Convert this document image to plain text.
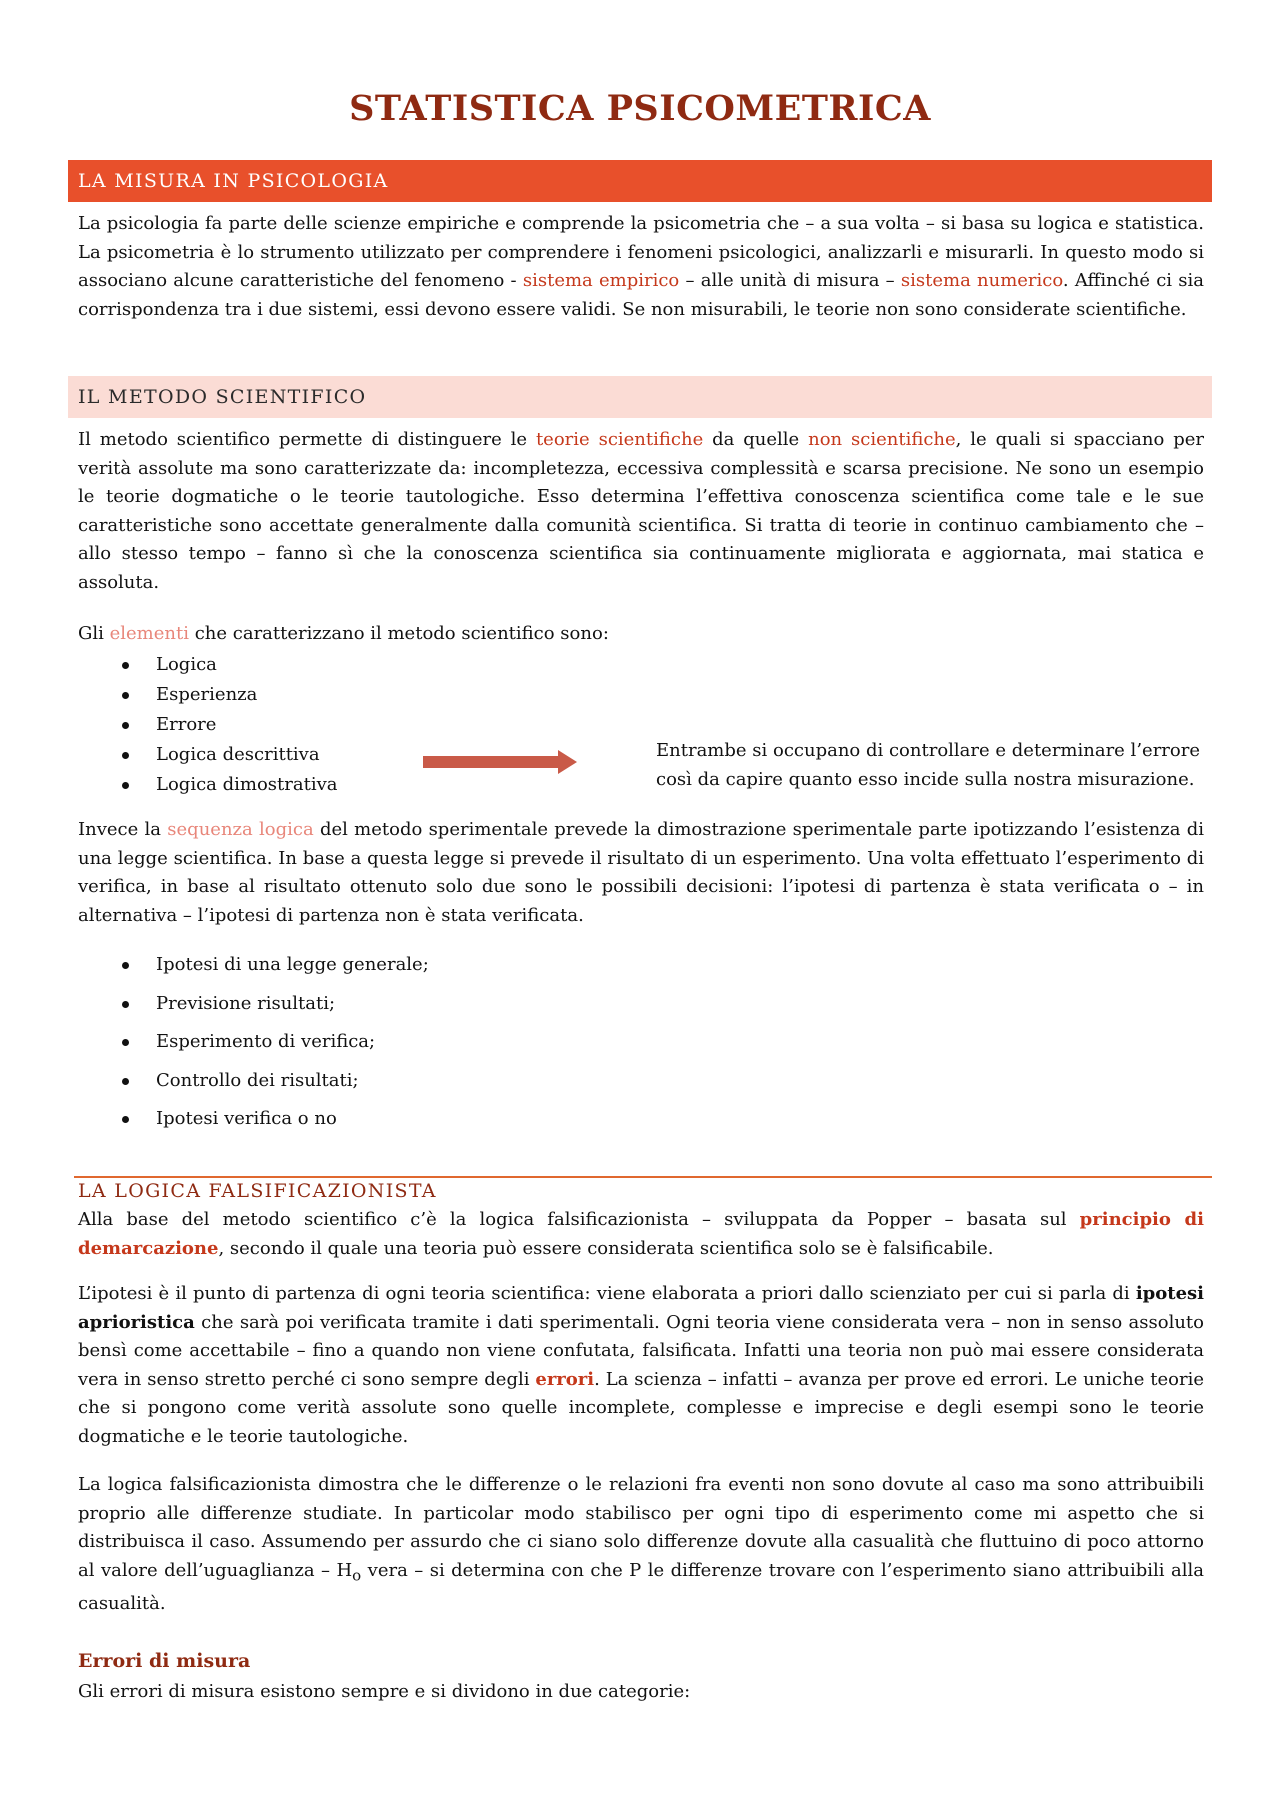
STATISTICA PSICOMETRICA
LA MISURA IN PSICOLOGIA

La psicologia fa parte delle scienze empiriche e comprende la psicometria che – a sua volta – si basa su logica e statistica. La psicometria è lo strumento utilizzato per comprendere i fenomeni psicologici, analizzarli e misurarli. In questo modo si associano alcune caratteristiche del fenomeno - sistema empirico – alle unità di misura – sistema numerico. Affinché ci sia corrispondenza tra i due sistemi, essi devono essere validi. Se non misurabili, le teorie non sono considerate scientifiche.

IL METODO SCIENTIFICO

Il metodo scientifico permette di distinguere le teorie scientifiche da quelle non scientifiche, le quali si spacciano per verità assolute ma sono caratterizzate da: incompletezza, eccessiva complessità e scarsa precisione. Ne sono un esempio le teorie dogmatiche o le teorie tautologiche. Esso determina l’effettiva conoscenza scientifica come tale e le sue caratteristiche sono accettate generalmente dalla comunità scientifica. Si tratta di teorie in continuo cambiamento che – allo stesso tempo – fanno sì che la conoscenza scientifica sia continuamente migliorata e aggiornata, mai statica e assoluta.

Gli elementi che caratterizzano il metodo scientifico sono:

Logica
Esperienza
Errore
Logica descrittiva
Logica dimostrativa
Entrambe si occupano di controllare e determinare l’errore così da capire quanto esso incide sulla nostra misurazione.

Invece la sequenza logica del metodo sperimentale prevede la dimostrazione sperimentale parte ipotizzando l’esistenza di una legge scientifica. In base a questa legge si prevede il risultato di un esperimento. Una volta effettuato l’esperimento di verifica, in base al risultato ottenuto solo due sono le possibili decisioni: l’ipotesi di partenza è stata verificata o – in alternativa – l’ipotesi di partenza non è stata verificata.

Ipotesi di una legge generale;
Previsione risultati;
Esperimento di verifica;
Controllo dei risultati;
Ipotesi verifica o no
LA LOGICA FALSIFICAZIONISTA

Alla base del metodo scientifico c’è la logica falsificazionista – sviluppata da Popper – basata sul principio di demarcazione, secondo il quale una teoria può essere considerata scientifica solo se è falsificabile.

L’ipotesi è il punto di partenza di ogni teoria scientifica: viene elaborata a priori dallo scienziato per cui si parla di ipotesi aprioristica che sarà poi verificata tramite i dati sperimentali. Ogni teoria viene considerata vera – non in senso assoluto bensì come accettabile – fino a quando non viene confutata, falsificata. Infatti una teoria non può mai essere considerata vera in senso stretto perché ci sono sempre degli errori. La scienza – infatti – avanza per prove ed errori. Le uniche teorie che si pongono come verità assolute sono quelle incomplete, complesse e imprecise e degli esempi sono le teorie dogmatiche e le teorie tautologiche.

La logica falsificazionista dimostra che le differenze o le relazioni fra eventi non sono dovute al caso ma sono attribuibili proprio alle differenze studiate. In particolar modo stabilisco per ogni tipo di esperimento come mi aspetto che si distribuisca il caso. Assumendo per assurdo che ci siano solo differenze dovute alla casualità che fluttuino di poco attorno al valore dell’uguaglianza – $H_o$ vera – si determina con che P le differenze trovare con l’esperimento siano attribuibili alla casualità.

Errori di misura

Gli errori di misura esistono sempre e si dividono in due categorie:
